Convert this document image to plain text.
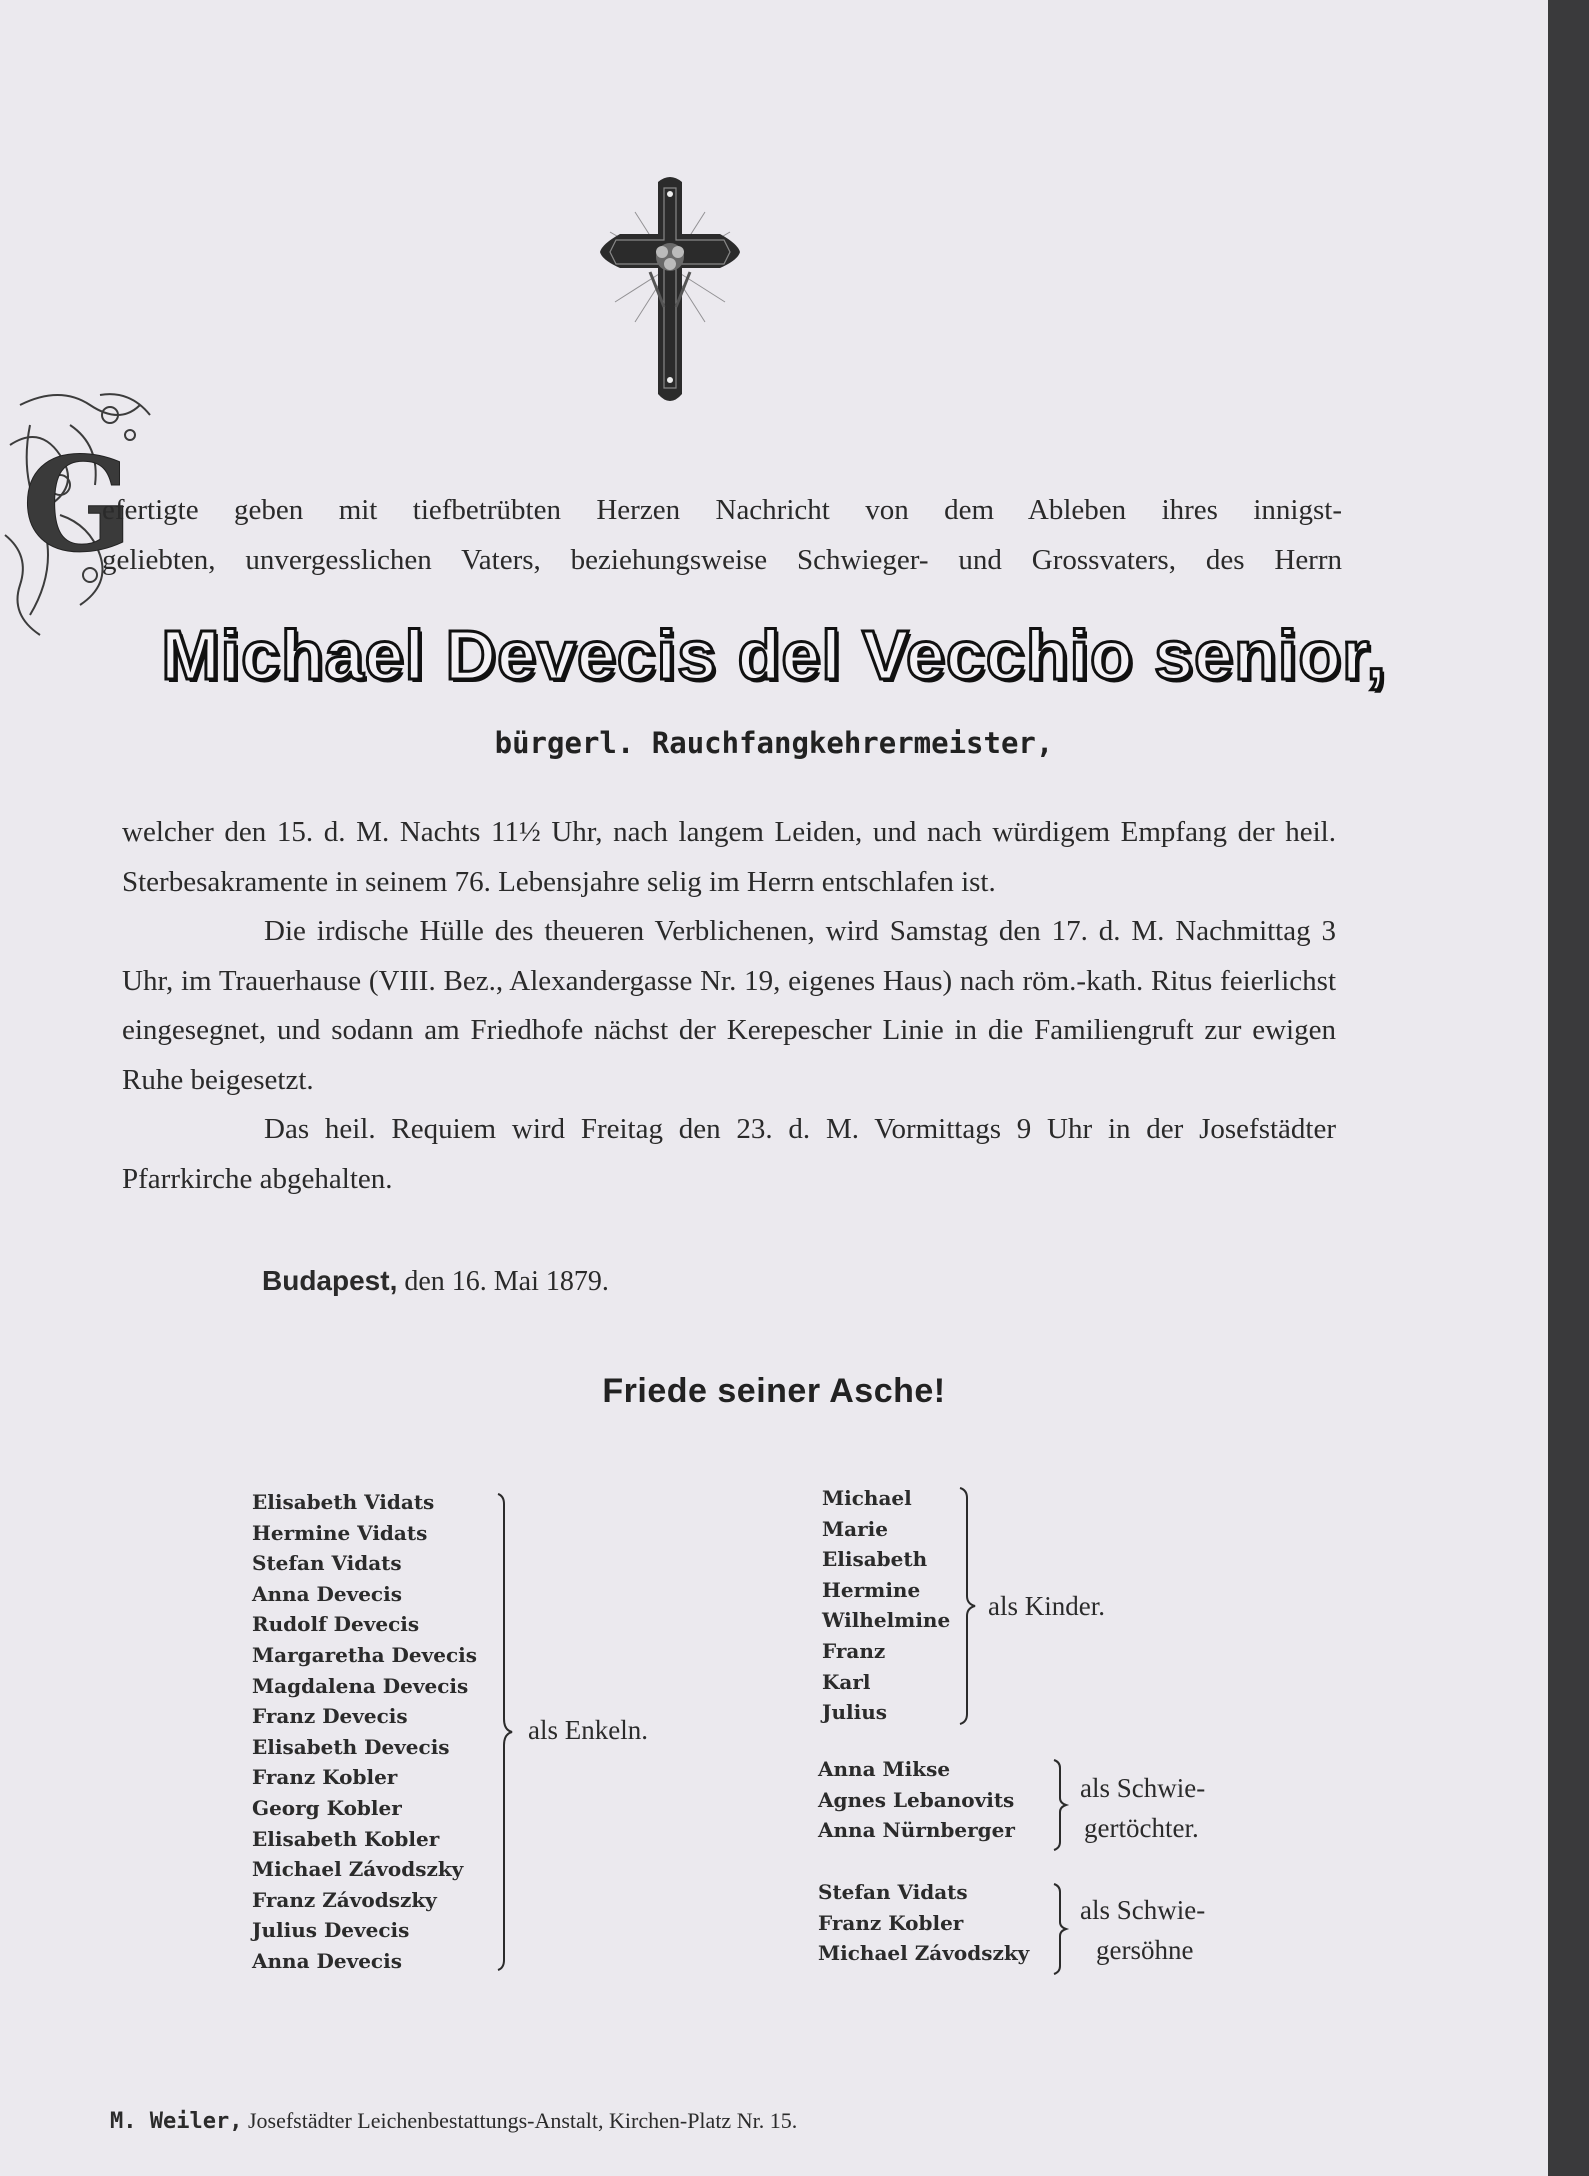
G
efertigte geben mit tiefbetrübten Herzen Nachricht von dem Ableben ihres innigst-
geliebten, unvergesslichen Vaters, beziehungsweise Schwieger- und Grossvaters, des Herrn
Michael Devecis del Vecchio senior,
bürgerl. Rauchfangkehrermeister,

welcher den 15. d. M. Nachts 11½ Uhr, nach langem Leiden, und nach würdigem Empfang der heil. Sterbesakramente in seinem 76. Lebensjahre selig im Herrn entschlafen ist.

Die irdische Hülle des theueren Verblichenen, wird Samstag den 17. d. M. Nachmittag 3 Uhr, im Trauerhause (VIII. Bez., Alexandergasse Nr. 19, eigenes Haus) nach röm.-kath. Ritus feierlichst eingesegnet, und sodann am Friedhofe nächst der Kerepescher Linie in die Familiengruft zur ewigen Ruhe beigesetzt.

Das heil. Requiem wird Freitag den 23. d. M. Vormittags 9 Uhr in der Josefstädter Pfarrkirche abgehalten.

Budapest, den 16. Mai 1879.
Friede seiner Asche!
Elisabeth Vidats
Hermine Vidats
Stefan Vidats
Anna Devecis
Rudolf Devecis
Margaretha Devecis
Magdalena Devecis
Franz Devecis
Elisabeth Devecis
Franz Kobler
Georg Kobler
Elisabeth Kobler
Michael Závodszky
Franz Závodszky
Julius Devecis
Anna Devecis
als Enkeln.
Michael
Marie
Elisabeth
Hermine
Wilhelmine
Franz
Karl
Julius
als Kinder.
Anna Mikse
Agnes Lebanovits
Anna Nürnberger
als Schwie-
gertöchter.
Stefan Vidats
Franz Kobler
Michael Závodszky
als Schwie-
gersöhne
M. Weiler, Josefstädter Leichenbestattungs-Anstalt, Kirchen-Platz Nr. 15.
